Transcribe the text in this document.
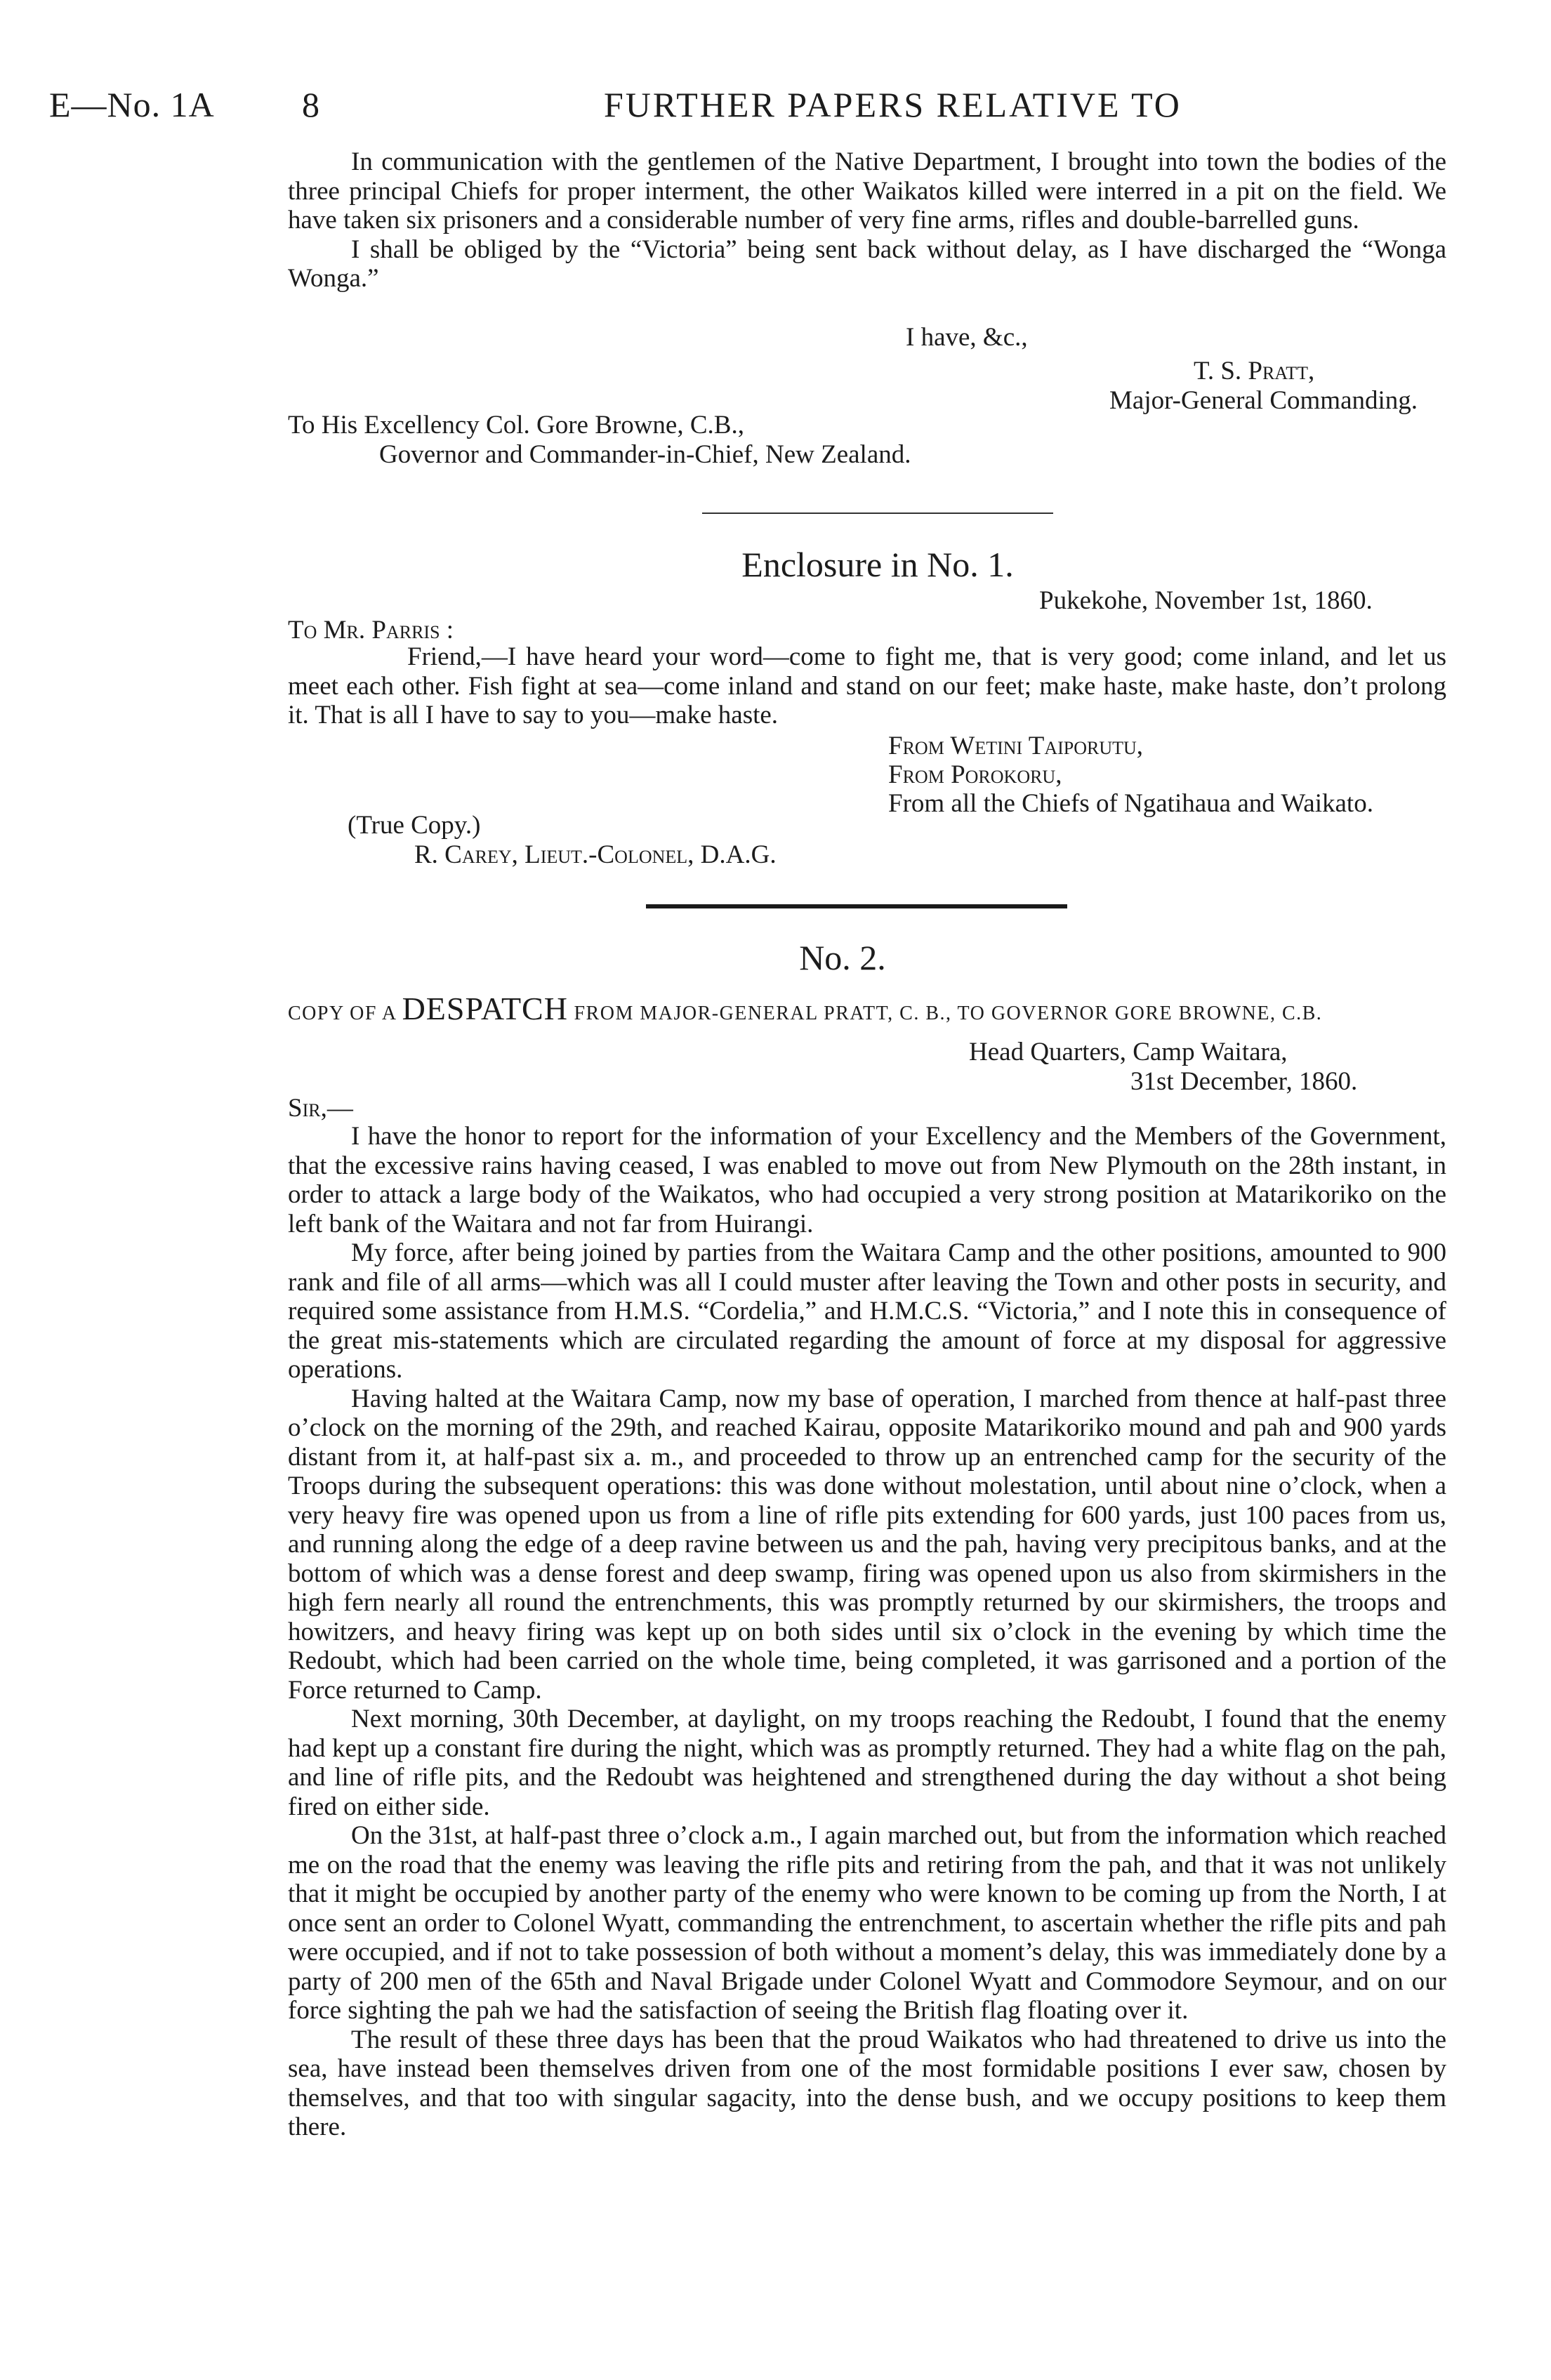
E—No. 1A 8	FURTHER PAPERS RELATIVE TO

In communication with the gentlemen of the Native Department, I brought into town the bodies of the three principal Chiefs for proper interment, the other Waikatos killed were interred in a pit on the field. We have taken six prisoners and a considerable number of very fine arms, rifles and double-barrelled guns.

I shall be obliged by the “Victoria” being sent back without delay, as I have discharged the “Wonga Wonga.”

I have, &c.,
T. S. Pratt,
Major-General Commanding.
To His Excellency Col. Gore Browne, C.B.,
Governor and Commander-in-Chief, New Zealand.
Enclosure in No. 1.
Pukekohe, November 1st, 1860.
To Mr. Parris :

Friend,—I have heard your word—come to fight me, that is very good; come inland, and let us meet each other. Fish fight at sea—come inland and stand on our feet; make haste, make haste, don’t prolong it. That is all I have to say to you—make haste.

From Wetini Taiporutu,
From Porokoru,
From all the Chiefs of Ngatihaua and Waikato.
(True Copy.)
R. Carey, Lieut.-Colonel, D.A.G.
No. 2.
COPY OF A DESPATCH FROM MAJOR-GENERAL PRATT, C. B., TO GOVERNOR GORE BROWNE, C.B.
Head Quarters, Camp Waitara,
31st December, 1860.
Sir,—

I have the honor to report for the information of your Excellency and the Members of the Government, that the excessive rains having ceased, I was enabled to move out from New Plymouth on the 28th instant, in order to attack a large body of the Waikatos, who had occupied a very strong position at Matarikoriko on the left bank of the Waitara and not far from Huirangi.

My force, after being joined by parties from the Waitara Camp and the other positions, amounted to 900 rank and file of all arms—which was all I could muster after leaving the Town and other posts in security, and required some assistance from H.M.S. “Cordelia,” and H.M.C.S. “Victoria,” and I note this in consequence of the great mis-statements which are circulated regarding the amount of force at my disposal for aggressive operations.

Having halted at the Waitara Camp, now my base of operation, I marched from thence at half-past three o’clock on the morning of the 29th, and reached Kairau, opposite Matarikoriko mound and pah and 900 yards distant from it, at half-past six a. m., and proceeded to throw up an entrenched camp for the security of the Troops during the subsequent operations: this was done without molestation, until about nine o’clock, when a very heavy fire was opened upon us from a line of rifle pits extending for 600 yards, just 100 paces from us, and running along the edge of a deep ravine between us and the pah, having very precipitous banks, and at the bottom of which was a dense forest and deep swamp, firing was opened upon us also from skirmishers in the high fern nearly all round the entrenchments, this was promptly returned by our skirmishers, the troops and howitzers, and heavy firing was kept up on both sides until six o’clock in the evening by which time the Redoubt, which had been carried on the whole time, being completed, it was garrisoned and a portion of the Force returned to Camp.

Next morning, 30th December, at daylight, on my troops reaching the Redoubt, I found that the enemy had kept up a constant fire during the night, which was as promptly returned. They had a white flag on the pah, and line of rifle pits, and the Redoubt was heightened and strengthened during the day without a shot being fired on either side.

On the 31st, at half-past three o’clock a.m., I again marched out, but from the information which reached me on the road that the enemy was leaving the rifle pits and retiring from the pah, and that it was not unlikely that it might be occupied by another party of the enemy who were known to be coming up from the North, I at once sent an order to Colonel Wyatt, commanding the entrenchment, to ascertain whether the rifle pits and pah were occupied, and if not to take possession of both without a moment’s delay, this was immediately done by a party of 200 men of the 65th and Naval Brigade under Colonel Wyatt and Commodore Seymour, and on our force sighting the pah we had the satisfaction of seeing the British flag floating over it.

The result of these three days has been that the proud Waikatos who had threatened to drive us into the sea, have instead been themselves driven from one of the most formidable positions I ever saw, chosen by themselves, and that too with singular sagacity, into the dense bush, and we occupy positions to keep them there.
